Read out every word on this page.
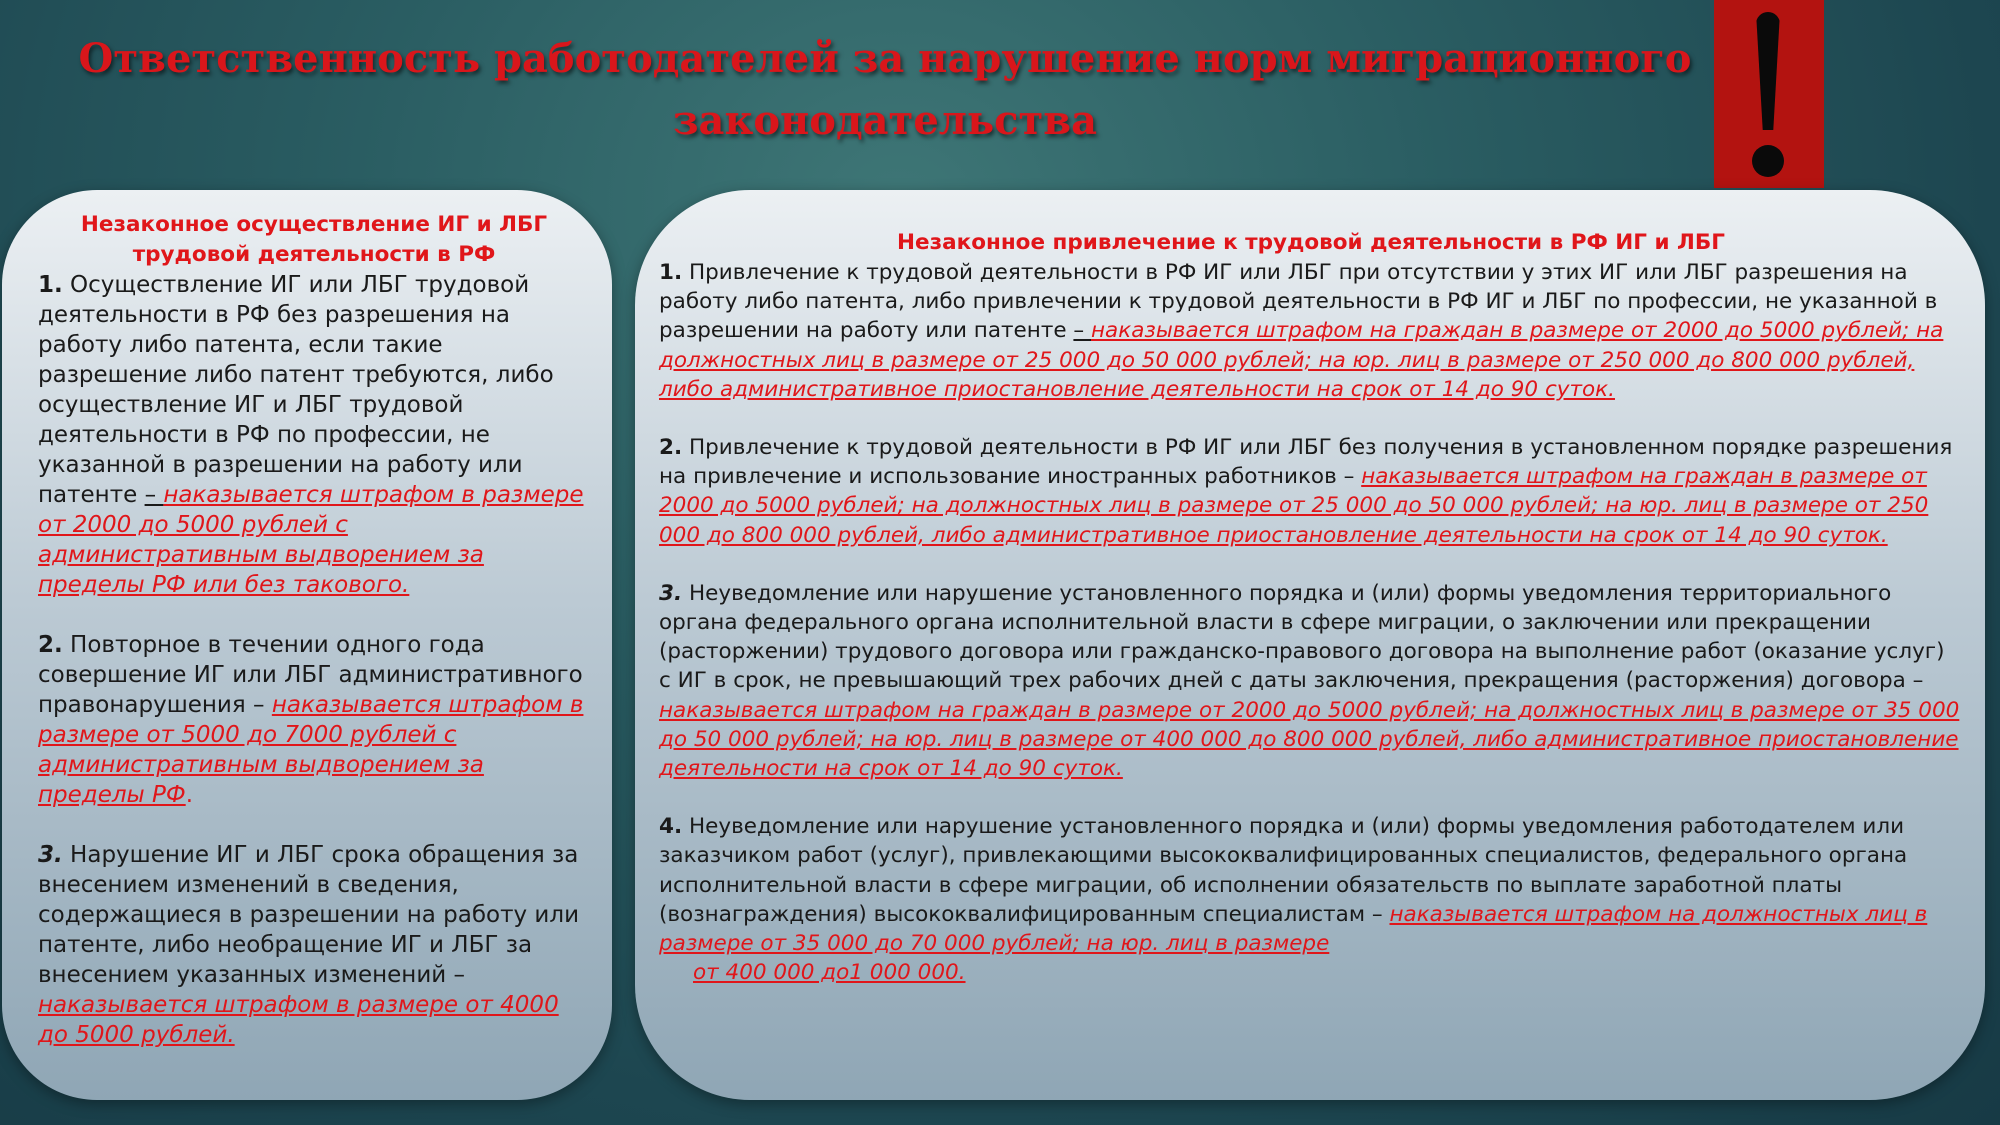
Ответственность работодателей за нарушение норм миграционного
законодательства
Незаконное осуществление ИГ и ЛБГ трудовой деятельности в РФ

1. Осуществление ИГ или ЛБГ трудовой деятельности в РФ без разрешения на работу либо патента, если такие разрешение либо патент требуются, либо осуществление ИГ и ЛБГ трудовой деятельности в РФ по профессии, не указанной в разрешении на работу или патенте – наказывается штрафом в размере от 2000 до 5000 рублей с административным выдворением за пределы РФ или без такового.

2. Повторное в течении одного года совершение ИГ или ЛБГ административного правонарушения – наказывается штрафом в размере от 5000 до 7000 рублей с административным выдворением за пределы РФ.

3. Нарушение ИГ и ЛБГ срока обращения за внесением изменений в сведения, содержащиеся в разрешении на работу или патенте, либо необращение ИГ и ЛБГ за внесением указанных изменений – наказывается штрафом в размере от 4000 до 5000 рублей.

Незаконное привлечение к трудовой деятельности в РФ ИГ и ЛБГ

1. Привлечение к трудовой деятельности в РФ ИГ или ЛБГ при отсутствии у этих ИГ или ЛБГ разрешения на работу либо патента, либо привлечении к трудовой деятельности в РФ ИГ и ЛБГ по профессии, не указанной в разрешении на работу или патенте – наказывается штрафом на граждан в размере от 2000 до 5000 рублей; на должностных лиц в размере от 25 000 до 50 000 рублей; на юр. лиц в размере от 250 000 до 800 000 рублей, либо административное приостановление деятельности на срок от 14 до 90 суток.

2. Привлечение к трудовой деятельности в РФ ИГ или ЛБГ без получения в установленном порядке разрешения на привлечение и использование иностранных работников – наказывается штрафом на граждан в размере от 2000 до 5000 рублей; на должностных лиц в размере от 25 000 до 50 000 рублей; на юр. лиц в размере от 250 000 до 800 000 рублей, либо административное приостановление деятельности на срок от 14 до 90 суток.

3. Неуведомление или нарушение установленного порядка и (или) формы уведомления территориального органа федерального органа исполнительной власти в сфере миграции, о заключении или прекращении (расторжении) трудового договора или гражданско-правового договора на выполнение работ (оказание услуг) с ИГ в срок, не превышающий трех рабочих дней с даты заключения, прекращения (расторжения) договора – наказывается штрафом на граждан в размере от 2000 до 5000 рублей; на должностных лиц в размере от 35 000 до 50 000 рублей; на юр. лиц в размере от 400 000 до 800 000 рублей, либо административное приостановление деятельности на срок от 14 до 90 суток.

4. Неуведомление или нарушение установленного порядка и (или) формы уведомления работодателем или заказчиком работ (услуг), привлекающими высококвалифицированных специалистов, федерального органа исполнительной власти в сфере миграции, об исполнении обязательств по выплате заработной платы (вознаграждения) высококвалифицированным специалистам – наказывается штрафом на должностных лиц в размере от 35 000 до 70 000 рублей; на юр. лиц в размере
от 400 000 до1 000 000.
